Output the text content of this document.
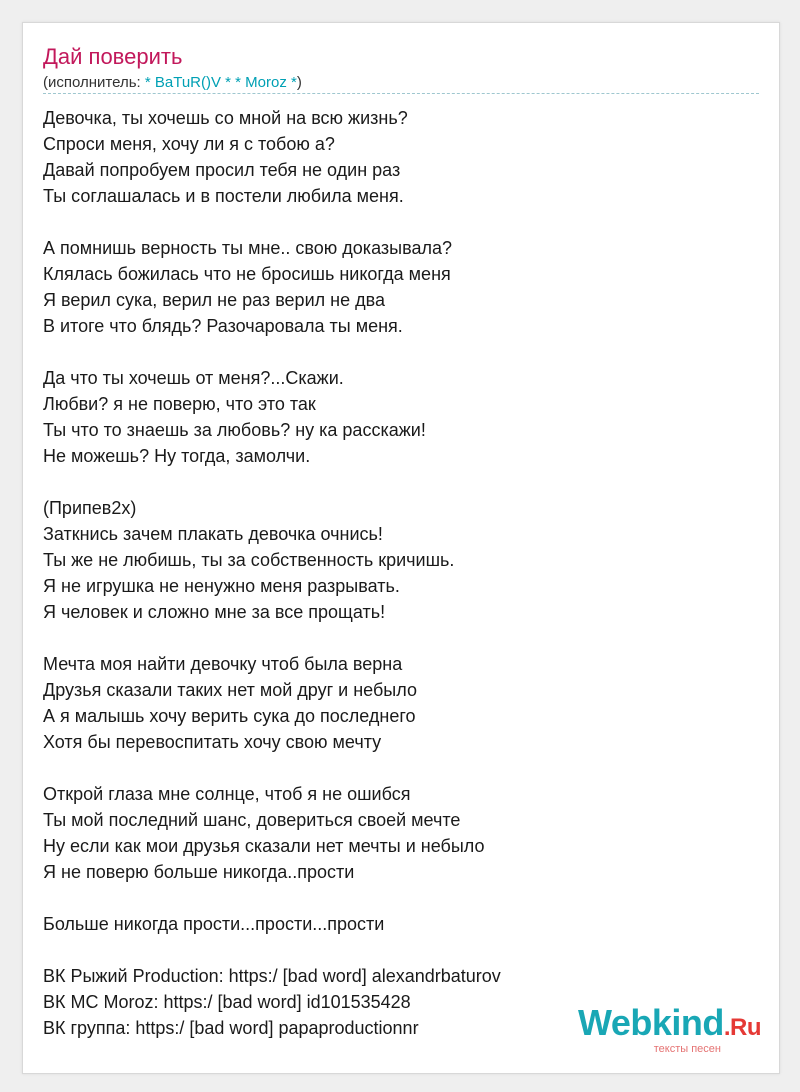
Дай поверить
(исполнитель: * BaTuR()V * * Moroz *)
Девочка, ты хочешь со мной на всю жизнь?
Спроси меня, хочу ли я с тобою а?
Давай попробуем просил тебя не один раз
Ты соглашалась и в постели любила меня.
А помнишь верность ты мне.. свою доказывала?
Клялась божилась что не бросишь никогда меня
Я верил сука, верил не раз верил не два
В итоге что блядь? Разочаровала ты меня.
Да что ты хочешь от меня?...Скажи.
Любви? я не поверю, что это так
Ты что то знаешь за любовь? ну ка расскажи!
Не можешь? Ну тогда, замолчи.
(Припев2х)
Заткнись зачем плакать девочка очнись!
Ты же не любишь, ты за собственность кричишь.
Я не игрушка не ненужно меня разрывать.
Я человек и сложно мне за все прощать!
Мечта моя найти девочку чтоб была верна
Друзья сказали таких нет мой друг и небыло
А я малышь хочу верить сука до последнего
Хотя бы перевоспитать хочу свою мечту
Открой глаза мне солнце, чтоб я не ошибся
Ты мой последний шанс, довериться своей мечте
Ну если как мои друзья сказали нет мечты и небыло
Я не поверю больше никогда..прости
Больше никогда прости...прости...прости
ВК Рыжий Production: https:/ [bad word] alexandrbaturov
ВК MC Moroz: https:/ [bad word] id101535428
ВК группа: https:/ [bad word] papaproductionnr	Webkind.Ru
тексты песен
